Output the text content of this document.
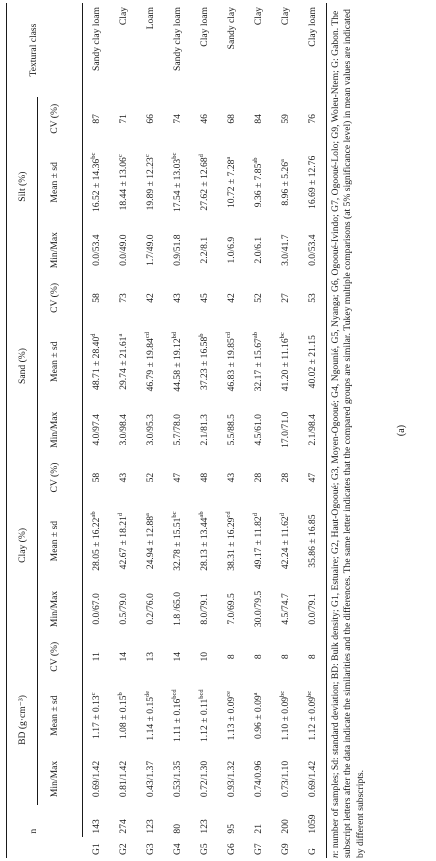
	n	BD (g·cm⁻³)			Clay (%)			Sand (%)			Silt (%)			Textural class
		Min/Max	Mean ± sd	CV (%)	Min/Max	Mean ± sd	CV (%)	Min/Max	Mean ± sd	CV (%)	Min/Max	Mean ± sd	CV (%)	

G1	143	0.69/1.42	1.17 ± 0.13$^c$	11	0.0/67.0	28.05 ± 16.22$^{ab}$	58	4.0/97.4	48.71 ± 28.40$^d$	58	0.0/53.4	16.52 ± 14.36$^{bc}$	87	Sandy clay loam
G2	274	0.81/1.42	1.08 ± 0.15$^b$	14	0.5/79.0	42.67 ± 18.21$^d$	43	3.0/98.4	29.74 ± 21.61$^a$	73	0.0/49.0	18.44 ± 13.06$^c$	71	Clay
G3	123	0.43/1.37	1.14 ± 0.15de	13	0.2/76.0	24.94 ± 12.88$^a$	52	3.0/95.3	46.79 ± 19.84$^{cd}$	42	1.7/49.0	19.89 ± 12.23$^c$	66	Loam
G4	80	0.53/1.35	1.11 ± 0.16$^{bcd}$	14	1.8 /65.0	32.78 ± 15.51$^{bc}$	47	5.7/78.0	44.58 ± 19.12$^{bd}$	43	0.9/51.8	17.54 ± 13.03$^{bc}$	74	Sandy clay loam
G5	123	0.72/1.30	1.12 ± 0.11$^{bcd}$	10	8.0/79.1	28.13 ± 13.44$^{ab}$	48	2.1/81.3	37.23 ± 16.58$^b$	45	2.2/8.1	27.62 ± 12.68$^d$	46	Clay loam
G6	95	0.93/1.32	1.13 ± 0.09$^{ce}$	8	7.0/69.5	38.31 ± 16.29$^{cd}$	43	5.5/88.5	46.83 ± 19.85$^{cd}$	42	1.0/6.9	10.72 ± 7.28$^a$	68	Sandy clay
G7	21	0.74/0.96	0.96 ± 0.09$^a$	8	30.0/79.5	49.17 ± 11.82$^d$	28	4.5/61.0	32.17 ± 15.67$^{ab}$	52	2.0/6.1	9.36 ± 7.85$^{ab}$	84	Clay
G9	200	0.73/1.10	1.10 ± 0.09$^{bc}$	8	4.5/74.7	42.24 ± 11.62$^d$	28	17.0/71.0	41.20 ± 11.16$^{bc}$	27	3.0/41.7	8.96 ± 5.26$^a$	59	Clay
G	1059	0.69/1.42	1.12 ± 0.09$^{bc}$	8	0.0/79.1	35.86 ± 16.85	47	2.1/98.4	40.02 ± 21.15	53	0.0/53.4	16.69 ± 12.76	76	Clay loam
n: number of samples; Sd: standard deviation; BD: Bulk density; G1, Estuaire; G2, Haut-Ogooué; G3, Moyen-Ogooué; G4, Ngounié, G5, Nyanga; G6, Ogooué-Ivindo; G7, Ogooué-Lolo; G9, Woleu-Ntem; G: Gabon. The subscript letters after the data indicate the similarities and the differences. The same letter indicates that the compared groups are similar. Tukey multiple comparisons (at 5% significance level) in mean values are indicated by different subscripts.
(a)
